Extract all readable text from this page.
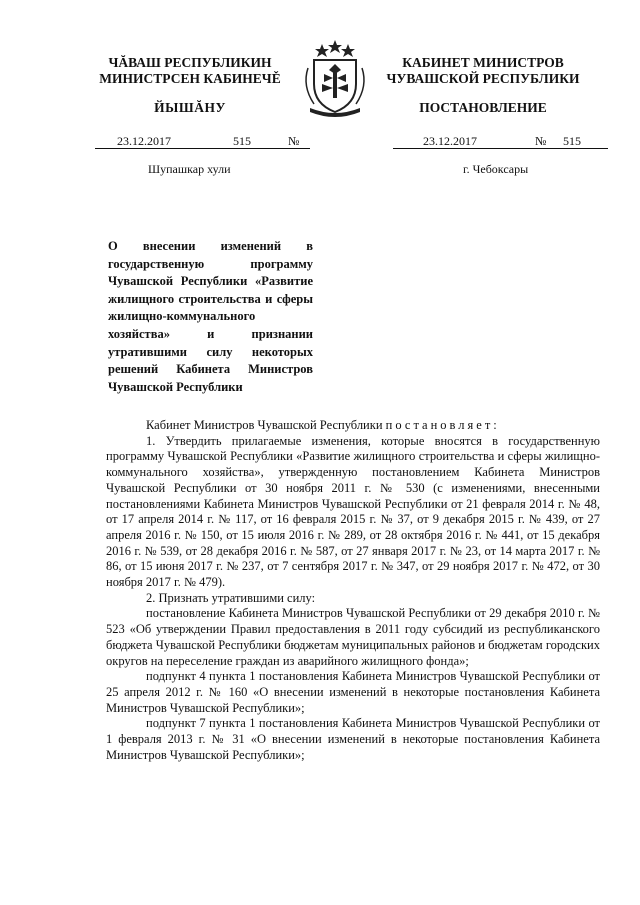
ЧĂВАШ РЕСПУБЛИКИН
МИНИСТРСЕН КАБИНЕЧĚ
ЙЫШĂНУ
КАБИНЕТ МИНИСТРОВ
ЧУВАШСКОЙ РЕСПУБЛИКИ
ПОСТАНОВЛЕНИЕ
23.12.2017	515	№	23.12.2017	№ 515
Шупашкар хули	г. Чебоксары
О внесении изменений в государственную программу Чувашской Республики «Развитие жилищного строительства и сферы жилищно-коммунального хозяйства» и признании утратившими силу некоторых решений Кабинета Министров Чувашской Республики

Кабинет Министров Чувашской Республики постановляет:

1. Утвердить прилагаемые изменения, которые вносятся в государственную программу Чувашской Республики «Развитие жилищного строительства и сферы жилищно-коммунального хозяйства», утвержденную постановлением Кабинета Министров Чувашской Республики от 30 ноября 2011 г. № 530 (с изменениями, внесенными постановлениями Кабинета Министров Чувашской Республики от 21 февраля 2014 г. № 48, от 17 апреля 2014 г. № 117, от 16 февраля 2015 г. № 37, от 9 декабря 2015 г. № 439, от 27 апреля 2016 г. № 150, от 15 июля 2016 г. № 289, от 28 октября 2016 г. № 441, от 15 декабря 2016 г. № 539, от 28 декабря 2016 г. № 587, от 27 января 2017 г. № 23, от 14 марта 2017 г. № 86, от 15 июня 2017 г. № 237, от 7 сентября 2017 г. № 347, от 29 ноября 2017 г. № 472, от 30 ноября 2017 г. № 479).

2. Признать утратившими силу:

постановление Кабинета Министров Чувашской Республики от 29 декабря 2010 г. № 523 «Об утверждении Правил предоставления в 2011 году субсидий из республиканского бюджета Чувашской Республики бюджетам муниципальных районов и бюджетам городских округов на переселение граждан из аварийного жилищного фонда»;

подпункт 4 пункта 1 постановления Кабинета Министров Чувашской Республики от 25 апреля 2012 г. № 160 «О внесении изменений в некоторые постановления Кабинета Министров Чувашской Республики»;

подпункт 7 пункта 1 постановления Кабинета Министров Чувашской Республики от 1 февраля 2013 г. № 31 «О внесении изменений в некоторые постановления Кабинета Министров Чувашской Республики»;
